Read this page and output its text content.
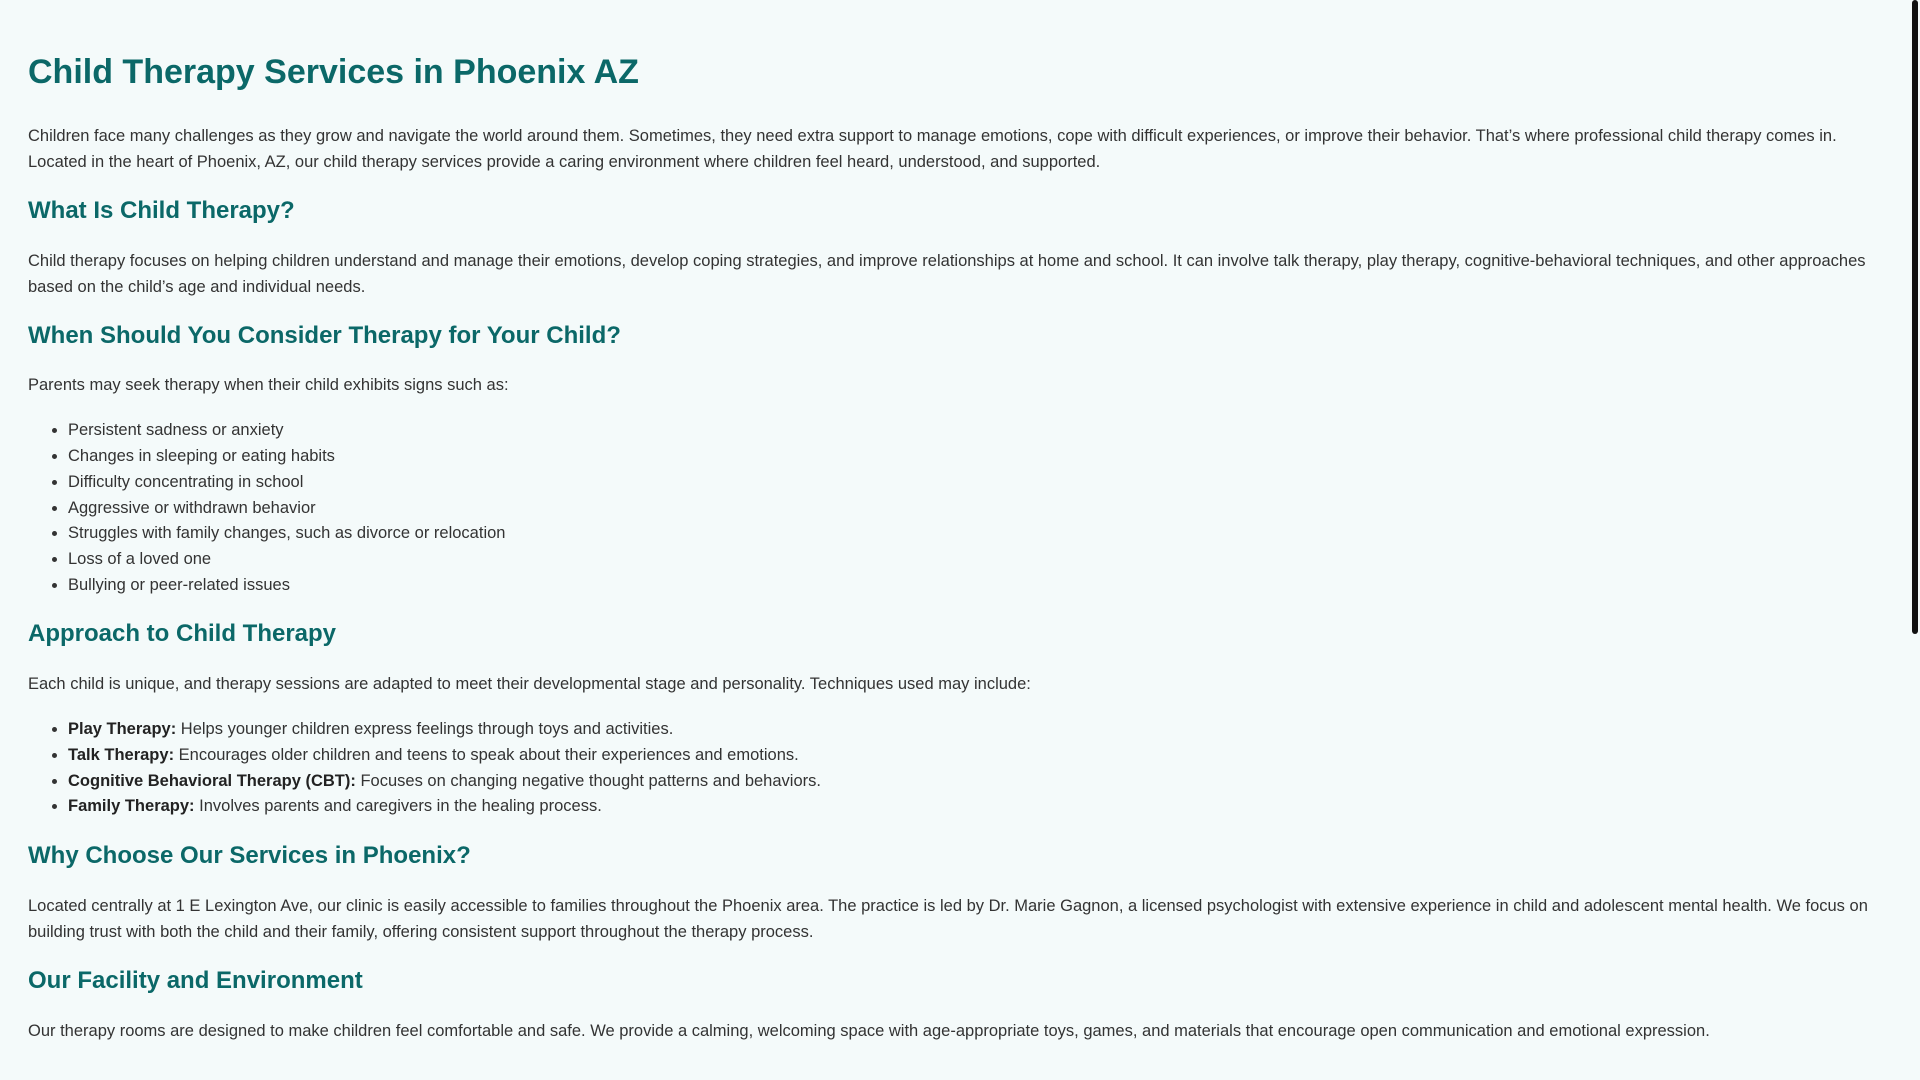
Child Therapy Services in Phoenix AZ

Children face many challenges as they grow and navigate the world around them. Sometimes, they need extra support to manage emotions, cope with difficult experiences, or improve their behavior. That’s where professional child therapy comes in. Located in the heart of Phoenix, AZ, our child therapy services provide a caring environment where children feel heard, understood, and supported.

What Is Child Therapy?

Child therapy focuses on helping children understand and manage their emotions, develop coping strategies, and improve relationships at home and school. It can involve talk therapy, play therapy, cognitive-behavioral techniques, and other approaches based on the child’s age and individual needs.

When Should You Consider Therapy for Your Child?

Parents may seek therapy when their child exhibits signs such as:

• Persistent sadness or anxiety
• Changes in sleeping or eating habits
• Difficulty concentrating in school
• Aggressive or withdrawn behavior
• Struggles with family changes, such as divorce or relocation
• Loss of a loved one
• Bullying or peer-related issues
Approach to Child Therapy

Each child is unique, and therapy sessions are adapted to meet their developmental stage and personality. Techniques used may include:

• Play Therapy: Helps younger children express feelings through toys and activities.
• Talk Therapy: Encourages older children and teens to speak about their experiences and emotions.
• Cognitive Behavioral Therapy (CBT): Focuses on changing negative thought patterns and behaviors.
• Family Therapy: Involves parents and caregivers in the healing process.
Why Choose Our Services in Phoenix?

Located centrally at 1 E Lexington Ave, our clinic is easily accessible to families throughout the Phoenix area. The practice is led by Dr. Marie Gagnon, a licensed psychologist with extensive experience in child and adolescent mental health. We focus on building trust with both the child and their family, offering consistent support throughout the therapy process.

Our Facility and Environment

Our therapy rooms are designed to make children feel comfortable and safe. We provide a calming, welcoming space with age-appropriate toys, games, and materials that encourage open communication and emotional expression.
